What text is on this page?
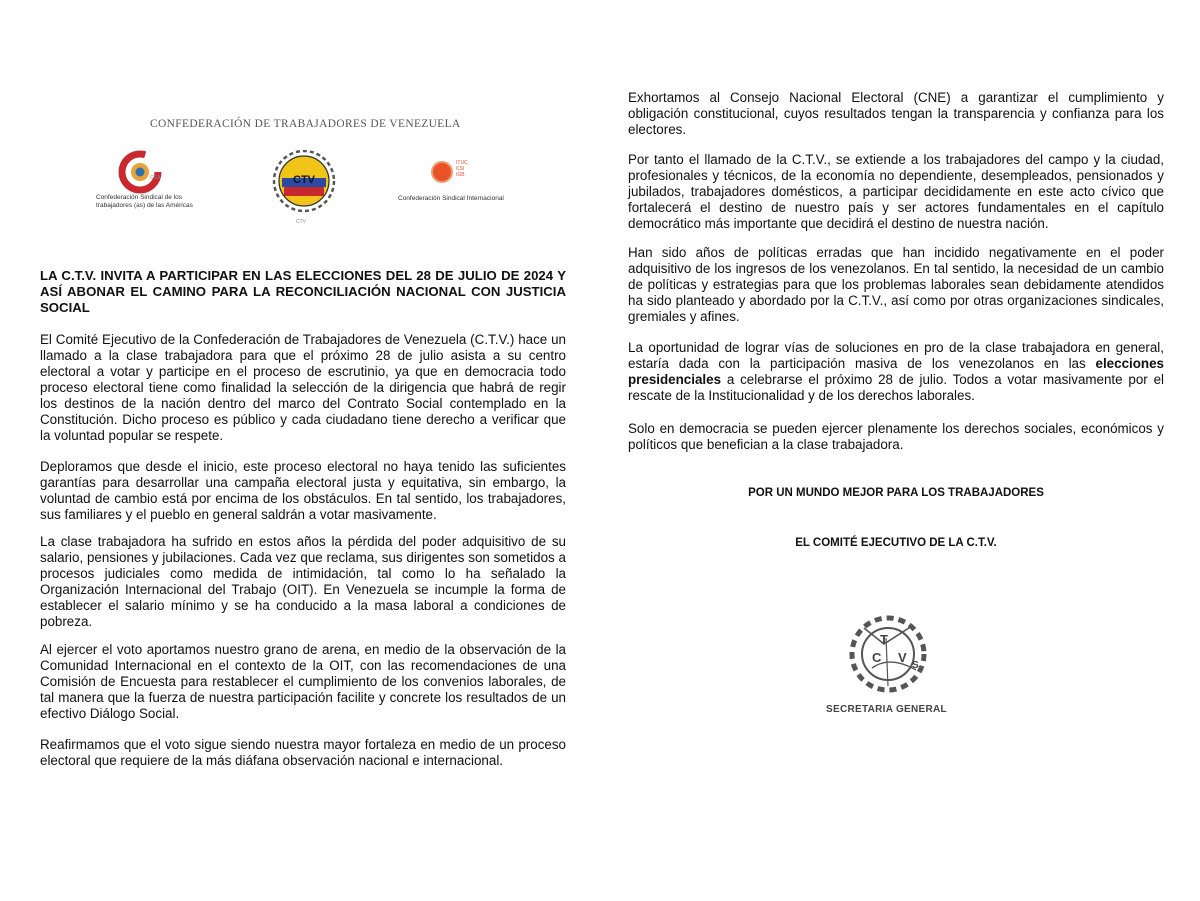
CONFEDERACIÓN DE TRABAJADORES DE VENEZUELA
CSA
Confederación Sindical de los
trabajadores (as) de las Américas
CTV
CTV
ITUC CSI IGB
Confederación Sindical Internacional

LA C.T.V. INVITA A PARTICIPAR EN LAS ELECCIONES DEL 28 DE JULIO DE 2024 Y ASÍ ABONAR EL CAMINO PARA LA RECONCILIACIÓN NACIONAL CON JUSTICIA SOCIAL

El Comité Ejecutivo de la Confederación de Trabajadores de Venezuela (C.T.V.) hace un llamado a la clase trabajadora para que el próximo 28 de julio asista a su centro electoral a votar y participe en el proceso de escrutinio, ya que en democracia todo proceso electoral tiene como finalidad la selección de la dirigencia que habrá de regir los destinos de la nación dentro del marco del Contrato Social contemplado en la Constitución. Dicho proceso es público y cada ciudadano tiene derecho a verificar que la voluntad popular se respete.

Deploramos que desde el inicio, este proceso electoral no haya tenido las suficientes garantías para desarrollar una campaña electoral justa y equitativa, sin embargo, la voluntad de cambio está por encima de los obstáculos. En tal sentido, los trabajadores, sus familiares y el pueblo en general saldrán a votar masivamente.

La clase trabajadora ha sufrido en estos años la pérdida del poder adquisitivo de su salario, pensiones y jubilaciones. Cada vez que reclama, sus dirigentes son sometidos a procesos judiciales como medida de intimidación, tal como lo ha señalado la Organización Internacional del Trabajo (OIT). En Venezuela se incumple la forma de establecer el salario mínimo y se ha conducido a la masa laboral a condiciones de pobreza.

Al ejercer el voto aportamos nuestro grano de arena, en medio de la observación de la Comunidad Internacional en el contexto de la OIT, con las recomendaciones de una Comisión de Encuesta para restablecer el cumplimiento de los convenios laborales, de tal manera que la fuerza de nuestra participación facilite y concrete los resultados de un efectivo Diálogo Social.

Reafirmamos que el voto sigue siendo nuestra mayor fortaleza en medio de un proceso electoral que requiere de la más diáfana observación nacional e internacional.

Exhortamos al Consejo Nacional Electoral (CNE) a garantizar el cumplimiento y obligación constitucional, cuyos resultados tengan la transparencia y confianza para los electores.

Por tanto el llamado de la C.T.V., se extiende a los trabajadores del campo y la ciudad, profesionales y técnicos, de la economía no dependiente, desempleados, pensionados y jubilados, trabajadores domésticos, a participar decididamente en este acto cívico que fortalecerá el destino de nuestro país y ser actores fundamentales en el capítulo democrático más importante que decidirá el destino de nuestra nación.

Han sido años de políticas erradas que han incidido negativamente en el poder adquisitivo de los ingresos de los venezolanos. En tal sentido, la necesidad de un cambio de políticas y estrategias para que los problemas laborales sean debidamente atendidos ha sido planteado y abordado por la C.T.V., así como por otras organizaciones sindicales, gremiales y afines.

La oportunidad de lograr vías de soluciones en pro de la clase trabajadora en general, estaría dada con la participación masiva de los venezolanos en las elecciones presidenciales a celebrarse el próximo 28 de julio. Todos a votar masivamente por el rescate de la Institucionalidad y de los derechos laborales.

Solo en democracia se pueden ejercer plenamente los derechos sociales, económicos y políticos que benefician a la clase trabajadora.

POR UN MUNDO MEJOR PARA LOS TRABAJADORES
EL COMITÉ EJECUTIVO DE LA C.T.V.
T
C V
S
SECRETARIA GENERAL
